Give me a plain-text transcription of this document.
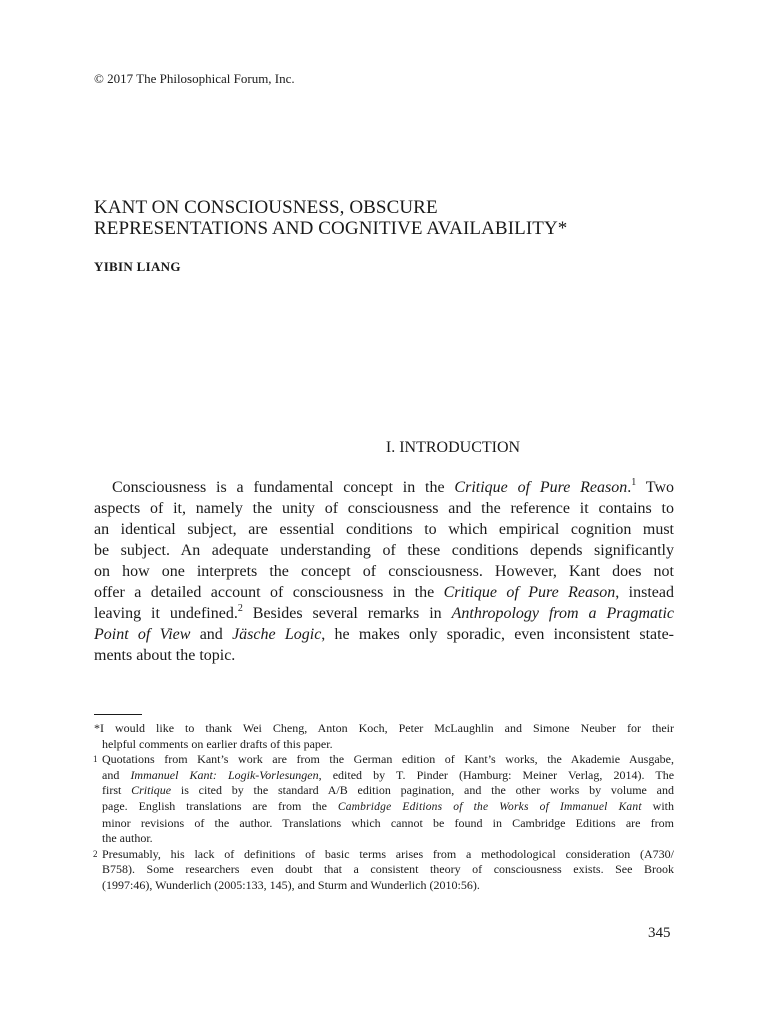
© 2017 The Philosophical Forum, Inc.
KANT ON CONSCIOUSNESS, OBSCURE
REPRESENTATIONS AND COGNITIVE AVAILABILITY*
YIBIN LIANG
I. INTRODUCTION
Consciousness is a fundamental concept in the Critique of Pure Reason.$^1$ Two
aspects of it, namely the unity of consciousness and the reference it contains to
an identical subject, are essential conditions to which empirical cognition must
be subject. An adequate understanding of these conditions depends significantly
on how one interprets the concept of consciousness. However, Kant does not
offer a detailed account of consciousness in the Critique of Pure Reason, instead
leaving it undefined.$^2$ Besides several remarks in Anthropology from a Pragmatic
Point of View and Jäsche Logic, he makes only sporadic, even inconsistent state-
ments about the topic.
*I would like to thank Wei Cheng, Anton Koch, Peter McLaughlin and Simone Neuber for their
helpful comments on earlier drafts of this paper.
1 Quotations from Kant’s work are from the German edition of Kant’s works, the Akademie Ausgabe,
and Immanuel Kant: Logik-Vorlesungen, edited by T. Pinder (Hamburg: Meiner Verlag, 2014). The
first Critique is cited by the standard A/B edition pagination, and the other works by volume and
page. English translations are from the Cambridge Editions of the Works of Immanuel Kant with
minor revisions of the author. Translations which cannot be found in Cambridge Editions are from
the author.
2 Presumably, his lack of definitions of basic terms arises from a methodological consideration (A730/
B758). Some researchers even doubt that a consistent theory of consciousness exists. See Brook
(1997:46), Wunderlich (2005:133, 145), and Sturm and Wunderlich (2010:56).
345
